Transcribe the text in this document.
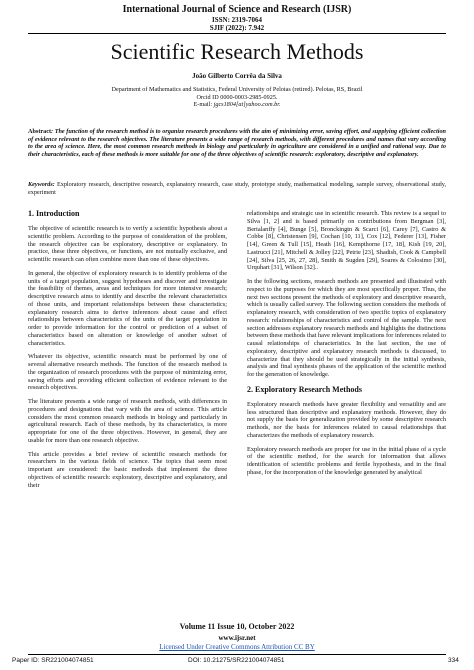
International Journal of Science and Research (IJSR)
ISSN: 2319-7064
SJIF (2022): 7.942
Scientific Research Methods
João Gilberto Corrêa da Silva
Department of Mathematics and Statistics, Federal University of Pelotas (retired). Pelotas, RS, Brazil
Orcid ID 0000-0003-2985-0925.
E-mail: jgcs1804[at]yahoo.com.br.
Abstract: The function of the research method is to organize research procedures with the aim of minimizing error, saving effort, and supplying efficient collection of evidence relevant to the research objectives. The literature presents a wide range of research methods, with different procedures and names that vary according to the area of science. Here, the most common research methods in biology and particularly in agriculture are considered in a unified and rational way. Due to their characteristics, each of these methods is more suitable for one of the three objectives of scientific research: exploratory, descriptive and explanatory.
Keywords: Exploratory research, descriptive research, explanatory research, case study, prototype study, mathematical modeling, sample survey, observational study, experiment
1. Introduction

The objective of scientific research is to verify a scientific hypothesis about a scientific problem. According to the purpose of consideration of the problem, the research objective can be exploratory, descriptive or explanatory. In practice, these three objectives, or functions, are not mutually exclusive, and scientific research can often combine more than one of these objectives.

In general, the objective of exploratory research is to identify problems of the units of a target population, suggest hypotheses and discover and investigate the feasibility of themes, areas and techniques for more intensive research; descriptive research aims to identify and describe the relevant characteristics of those units, and important relationships between these characteristics; explanatory research aims to derive inferences about cause and effect relationships between characteristics of the units of the target population in order to provide information for the control or prediction of a subset of characteristics based on alteration or knowledge of another subset of characteristics.

Whatever its objective, scientific research must be performed by one of several alternative research methods. The function of the research method is the organization of research procedures with the purpose of minimizing error, saving efforts and providing efficient collection of evidence relevant to the research objectives.

The literature presents a wide range of research methods, with differences in procedures and designations that vary with the area of science. This article considers the most common research methods in biology and particularly in agricultural research. Each of these methods, by its characteristics, is more appropriate for one of the three objectives. However, in general, they are usable for more than one research objective.

This article provides a brief review of scientific research methods for researchers in the various fields of science. The topics that seem most important are considered: the basic methods that implement the three objectives of scientific research: exploratory, descriptive and explanatory, and their

relationships and strategic use in scientific research. This review is a sequel to Silva [1, 2] and is based primarily on contributions from Bergman [3], Bertalanffy [4], Bunge [5], Bronckingtn & Scarci [6], Carey [7], Castro & Cobbe [8], Christensen [9], Cochan [10, 11], Cox [12], Federer [13], Fisher [14], Green & Tull [15], Heath [16], Kempthorne [17, 18], Kish [19, 20], Lastrucci [21], Mitchell & Jolley [22], Petrie [23], Shadish, Cook & Campbell [24], Silva [25, 26, 27, 28], Smith & Sugden [29], Soares & Colosimo [30], Urquhart [31], Wilson [32]..

In the following sections, research methods are presented and illustrated with respect to the purposes for which they are most specifically proper. Thus, the next two sections present the methods of exploratory and descriptive research, which is usually called survey. The following section considers the methods of explanatory research, with consideration of two specific topics of explanatory research: relationships of characteristics and control of the sample. The next section addresses explanatory research methods and highlights the distinctions between these methods that have relevant implications for inferences related to causal relationships of characteristics. In the last section, the use of exploratory, descriptive and explanatory research methods is discussed, to characterize that they should be used strategically in the initial synthesis, analysis and final synthesis phases of the application of the scientific method for the generation of knowledge.

2. Exploratory Research Methods

Exploratory research methods have greater flexibility and versatility and are less structured than descriptive and explanatory methods. However, they do not supply the basis for generalization provided by some descriptive research methods, nor the basis for inferences related to causal relationships that characterizes the methods of explanatory research.

Exploratory research methods are proper for use in the initial phase of a cycle of the scientific method, for the search for information that allows identification of scientific problems and fertile hypothesis, and in the final phase, for the incorporation of the knowledge generated by analytical

Volume 11 Issue 10, October 2022
www.ijsr.net
Licensed Under Creative Commons Attribution CC BY
Paper ID: SR221004074851	DOI: 10.21275/SR221004074851	334
